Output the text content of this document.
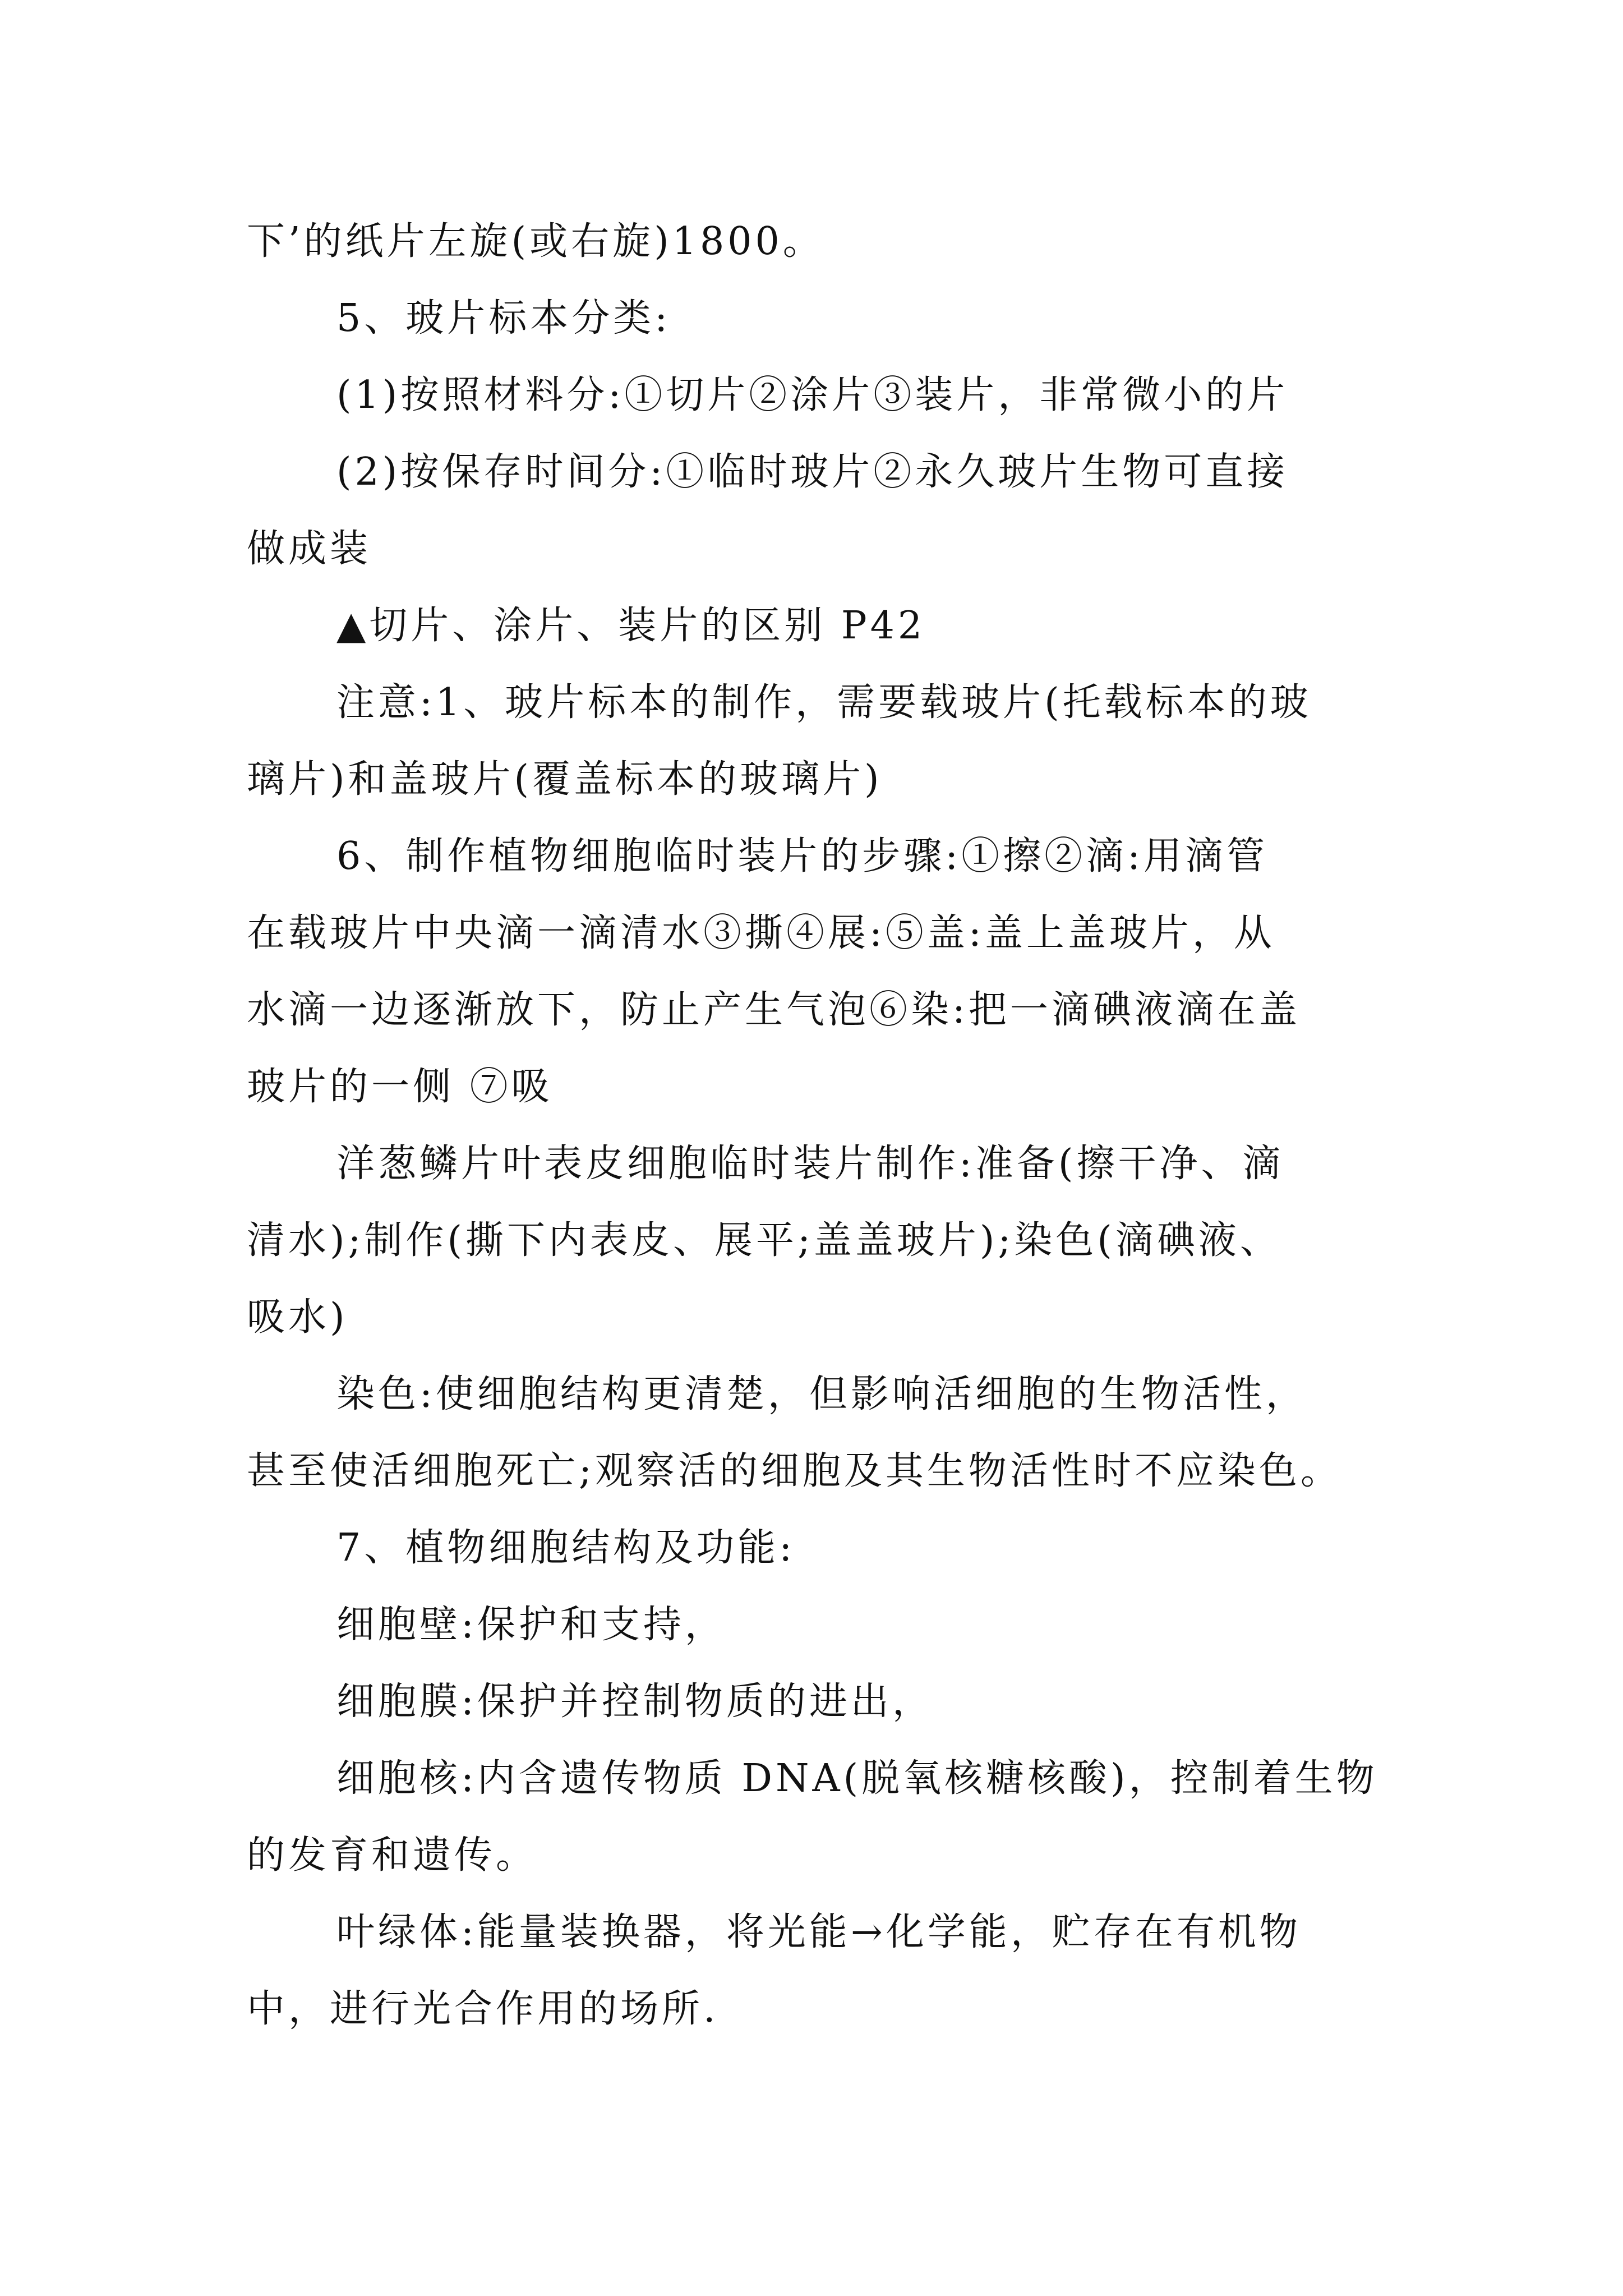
下’的纸片左旋(或右旋)1800。

5、玻片标本分类:

(1)按照材料分:①切片②涂片③装片，非常微小的片

(2)按保存时间分:①临时玻片②永久玻片生物可直接
做成装

▲切片、涂片、装片的区别 P42

注意:1、玻片标本的制作，需要载玻片(托载标本的玻
璃片)和盖玻片(覆盖标本的玻璃片)

6、制作植物细胞临时装片的步骤:①擦②滴:用滴管
在载玻片中央滴一滴清水③撕④展:⑤盖:盖上盖玻片，从
水滴一边逐渐放下，防止产生气泡⑥染:把一滴碘液滴在盖
玻片的一侧 ⑦吸

洋葱鳞片叶表皮细胞临时装片制作:准备(擦干净、滴
清水);制作(撕下内表皮、展平;盖盖玻片);染色(滴碘液、
吸水)

染色:使细胞结构更清楚，但影响活细胞的生物活性，
甚至使活细胞死亡;观察活的细胞及其生物活性时不应染色。

7、植物细胞结构及功能:

细胞壁:保护和支持，

细胞膜:保护并控制物质的进出，

细胞核:内含遗传物质 DNA(脱氧核糖核酸)，控制着生物
的发育和遗传。

叶绿体:能量装换器，将光能→化学能，贮存在有机物
中，进行光合作用的场所.
